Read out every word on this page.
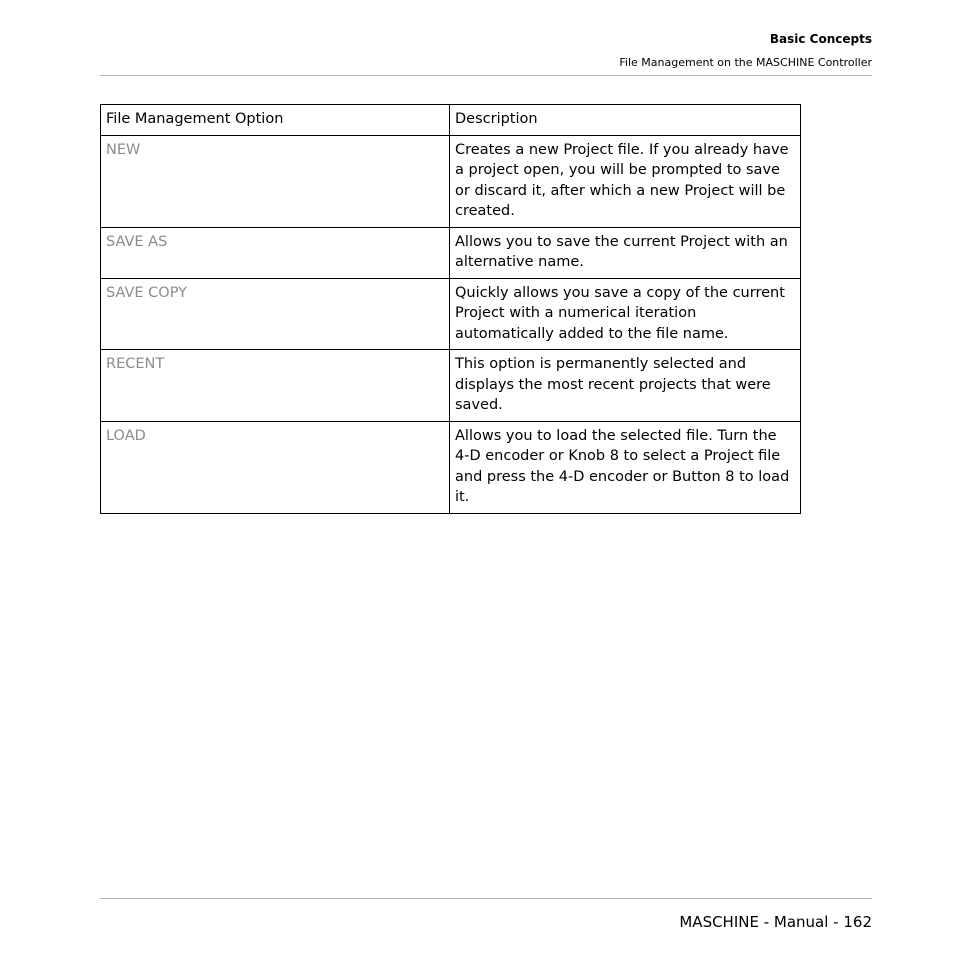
Basic Concepts
File Management on the MASCHINE Controller
File Management Option	Description
NEW	Creates a new Project file. If you already have a project open, you will be prompted to save or discard it, after which a new Project will be created.
SAVE AS	Allows you to save the current Project with an alternative name.
SAVE COPY	Quickly allows you save a copy of the current Project with a numerical iteration automatically added to the file name.
RECENT	This option is permanently selected and displays the most recent projects that were saved.
LOAD	Allows you to load the selected file. Turn the 4-D encoder or Knob 8 to select a Project file and press the 4-D encoder or Button 8 to load it.
MASCHINE - Manual - 162
